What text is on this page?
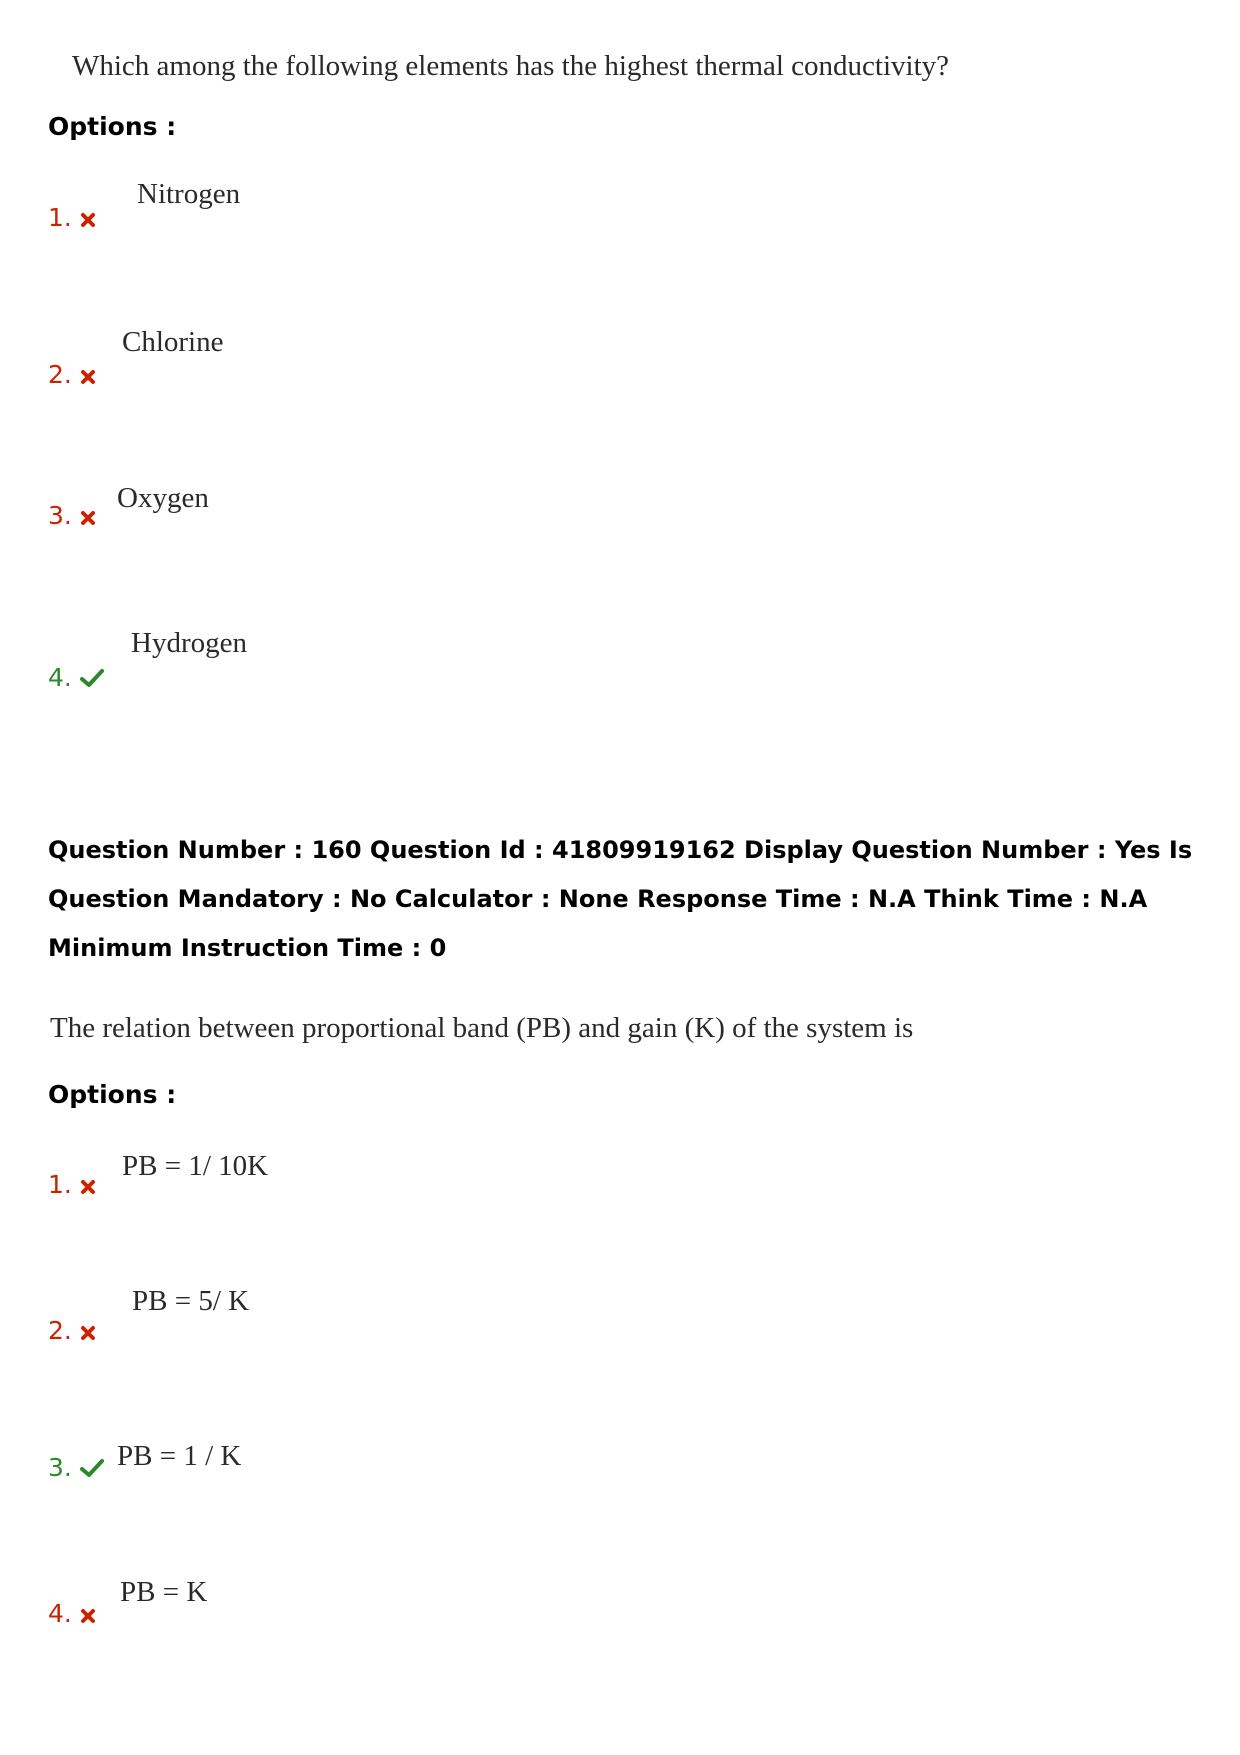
Which among the following elements has the highest thermal conductivity?
Options :
1.
Nitrogen
2.
Chlorine
3.
Oxygen
4.
Hydrogen
Question Number : 160 Question Id : 41809919162 Display Question Number : Yes Is Question Mandatory : No Calculator : None Response Time : N.A Think Time : N.A Minimum Instruction Time : 0
The relation between proportional band (PB) and gain (K) of the system is
Options :
1.
PB = 1/ 10K
2.
PB = 5/ K
3.	PB = 1 / K
4.
PB = K
